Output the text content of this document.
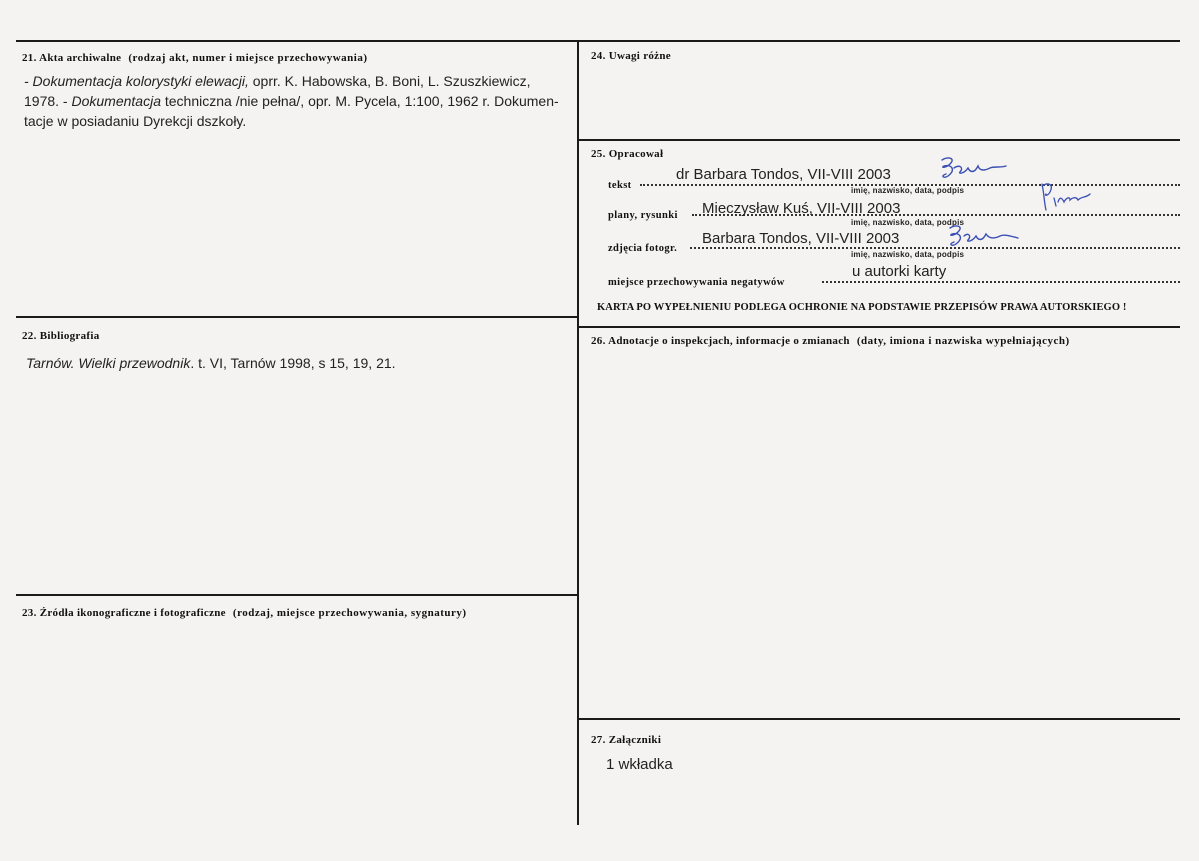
21. Akta archiwalne (rodzaj akt, numer i miejsce przechowywania)
- Dokumentacja kolorystyki elewacji, oprr. K. Habowska, B. Boni, L. Szuszkiewicz,
1978. - Dokumentacja techniczna /nie pełna/, opr. M. Pycela, 1:100, 1962 r. Dokumen-
tacje w posiadaniu Dyrekcji dszkoły.
22. Bibliografia
Tarnów. Wielki przewodnik. t. VI, Tarnów 1998, s 15, 19, 21.
23. Źródła ikonograficzne i fotograficzne (rodzaj, miejsce przechowywania, sygnatury)
24. Uwagi różne
25. Opracował
tekst
dr Barbara Tondos, VII-VIII 2003
imię, nazwisko, data, podpis
plany, rysunki Mieczysław Kuś, VII-VIII 2003
imię, nazwisko, data, podpis
zdjęcia fotogr.
Barbara Tondos, VII-VIII 2003
imię, nazwisko, data, podpis
miejsce przechowywania negatywów
u autorki karty
KARTA PO WYPEŁNIENIU PODLEGA OCHRONIE NA PODSTAWIE PRZEPISÓW PRAWA AUTORSKIEGO !
26. Adnotacje o inspekcjach, informacje o zmianach (daty, imiona i nazwiska wypełniających)
27. Załączniki
1 wkładka
